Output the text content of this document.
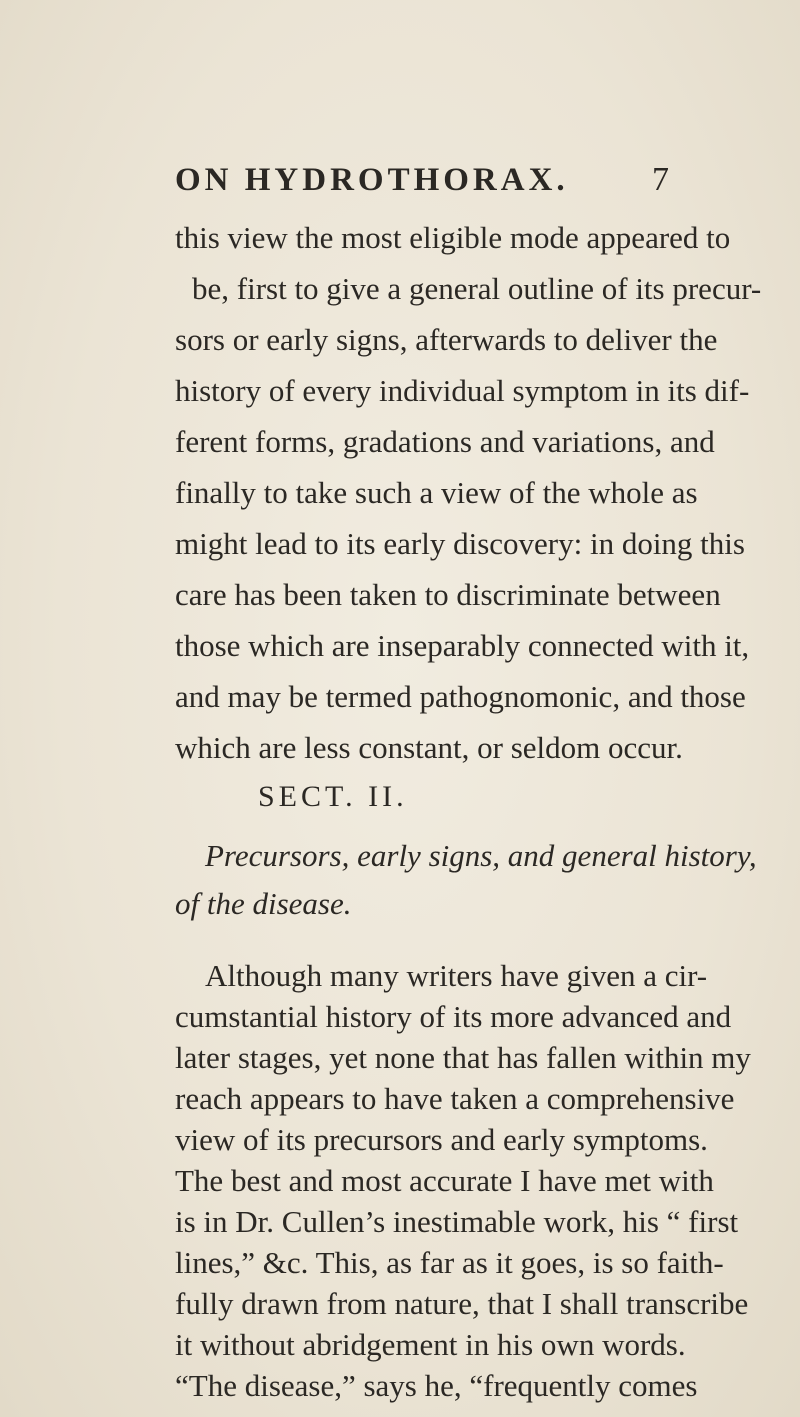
ON HYDROTHORAX. 7
this view the most eligible mode appeared to
be, first to give a general outline of its precur-
sors or early signs, afterwards to deliver the
history of every individual symptom in its dif-
ferent forms, gradations and variations, and
finally to take such a view of the whole as
might lead to its early discovery: in doing this
care has been taken to discriminate between
those which are inseparably connected with it,
and may be termed pathognomonic, and those
which are less constant, or seldom occur.
SECT. II.
Precursors, early signs, and general history,
of the disease.
Although many writers have given a cir-
cumstantial history of its more advanced and
later stages, yet none that has fallen within my
reach appears to have taken a comprehensive
view of its precursors and early symptoms.
The best and most accurate I have met with
is in Dr. Cullen’s inestimable work, his “ first
lines,” &c. This, as far as it goes, is so faith-
fully drawn from nature, that I shall transcribe
it without abridgement in his own words.
“The disease,” says he, “frequently comes
